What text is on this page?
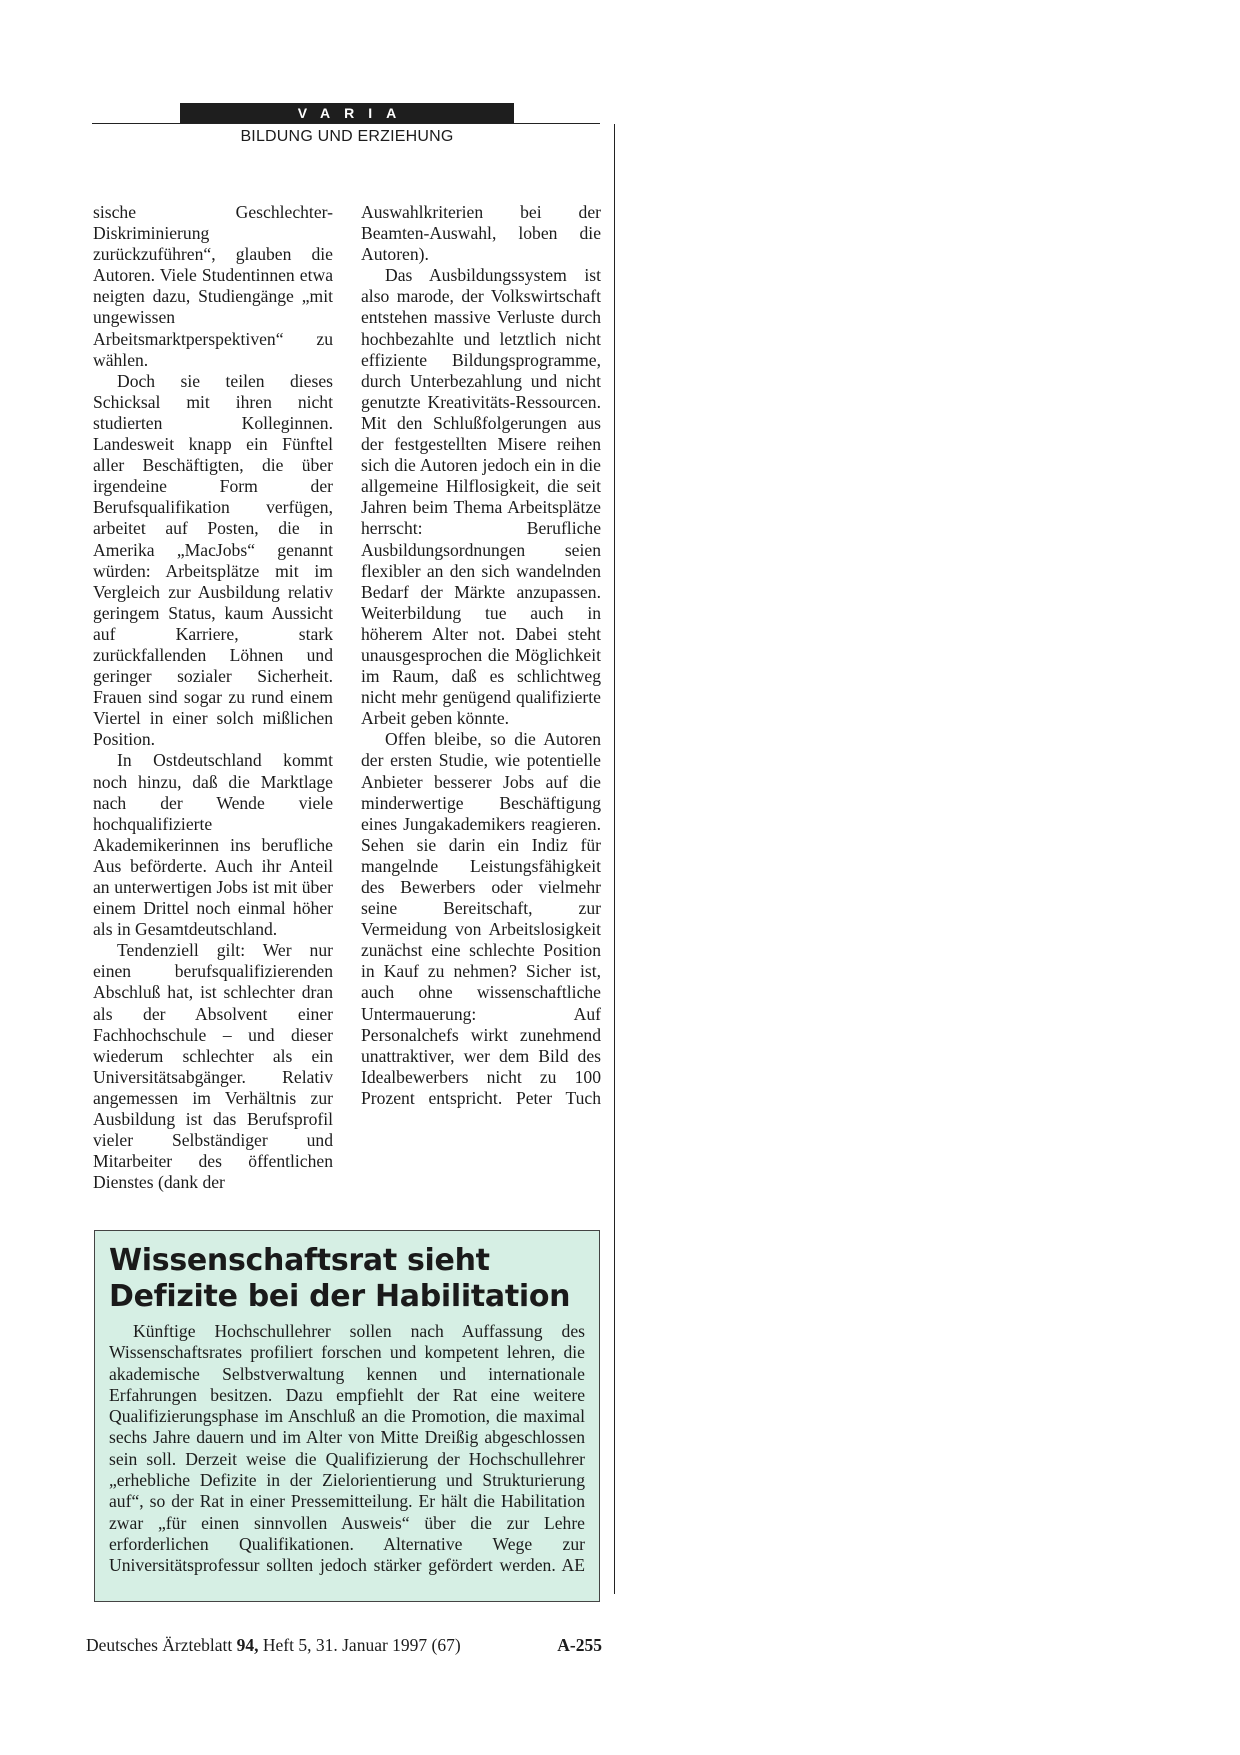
VARIA
BILDUNG UND ERZIEHUNG

sische Geschlechter-Diskriminierung zurückzuführen“, glauben die Autoren. Viele Studentinnen etwa neigten dazu, Studiengänge „mit ungewissen Arbeitsmarktperspektiven“ zu wählen.

Doch sie teilen dieses Schicksal mit ihren nicht studierten Kolleginnen. Landesweit knapp ein Fünftel aller Beschäftigten, die über irgendeine Form der Berufsqualifikation verfügen, arbeitet auf Posten, die in Amerika „MacJobs“ genannt würden: Arbeitsplätze mit im Vergleich zur Ausbildung relativ geringem Status, kaum Aussicht auf Karriere, stark zurückfallenden Löhnen und geringer sozialer Sicherheit. Frauen sind sogar zu rund einem Viertel in einer solch mißlichen Position.

In Ostdeutschland kommt noch hinzu, daß die Marktlage nach der Wende viele hochqualifizierte Akademikerinnen ins berufliche Aus beförderte. Auch ihr Anteil an unterwertigen Jobs ist mit über einem Drittel noch einmal höher als in Gesamtdeutschland.

Tendenziell gilt: Wer nur einen berufsqualifizierenden Abschluß hat, ist schlechter dran als der Absolvent einer Fachhochschule – und dieser wiederum schlechter als ein Universitätsabgänger. Relativ angemessen im Verhältnis zur Ausbildung ist das Berufsprofil vieler Selbständiger und Mitarbeiter des öffentlichen Dienstes (dank der

Auswahlkriterien bei der Beamten-Auswahl, loben die Autoren).

Das Ausbildungssystem ist also marode, der Volkswirtschaft entstehen massive Verluste durch hochbezahlte und letztlich nicht effiziente Bildungsprogramme, durch Unterbezahlung und nicht genutzte Kreativitäts-Ressourcen. Mit den Schlußfolgerungen aus der festgestellten Misere reihen sich die Autoren jedoch ein in die allgemeine Hilflosigkeit, die seit Jahren beim Thema Arbeitsplätze herrscht: Berufliche Ausbildungsordnungen seien flexibler an den sich wandelnden Bedarf der Märkte anzupassen. Weiterbildung tue auch in höherem Alter not. Dabei steht unausgesprochen die Möglichkeit im Raum, daß es schlichtweg nicht mehr genügend qualifizierte Arbeit geben könnte.

Offen bleibe, so die Autoren der ersten Studie, wie potentielle Anbieter besserer Jobs auf die minderwertige Beschäftigung eines Jungakademikers reagieren. Sehen sie darin ein Indiz für mangelnde Leistungsfähigkeit des Bewerbers oder vielmehr seine Bereitschaft, zur Vermeidung von Arbeitslosigkeit zunächst eine schlechte Position in Kauf zu nehmen? Sicher ist, auch ohne wissenschaftliche Untermauerung: Auf Personalchefs wirkt zunehmend unattraktiver, wer dem Bild des Idealbewerbers nicht zu 100 Prozent entspricht. Peter Tuch

Wissenschaftsrat sieht
Defizite bei der Habilitation

Künftige Hochschullehrer sollen nach Auffassung des Wissenschaftsrates profiliert forschen und kompetent lehren, die akademische Selbstverwaltung kennen und internationale Erfahrungen besitzen. Dazu empfiehlt der Rat eine weitere Qualifizierungsphase im Anschluß an die Promotion, die maximal sechs Jahre dauern und im Alter von Mitte Dreißig abgeschlossen sein soll. Derzeit weise die Qualifizierung der Hochschullehrer „erhebliche Defizite in der Zielorientierung und Strukturierung auf“, so der Rat in einer Pressemitteilung. Er hält die Habilitation zwar „für einen sinnvollen Ausweis“ über die zur Lehre erforderlichen Qualifikationen. Alternative Wege zur Universitätsprofessur sollten jedoch stärker gefördert werden. AE

Deutsches Ärzteblatt 94, Heft 5, 31. Januar 1997 (67)	A-255
